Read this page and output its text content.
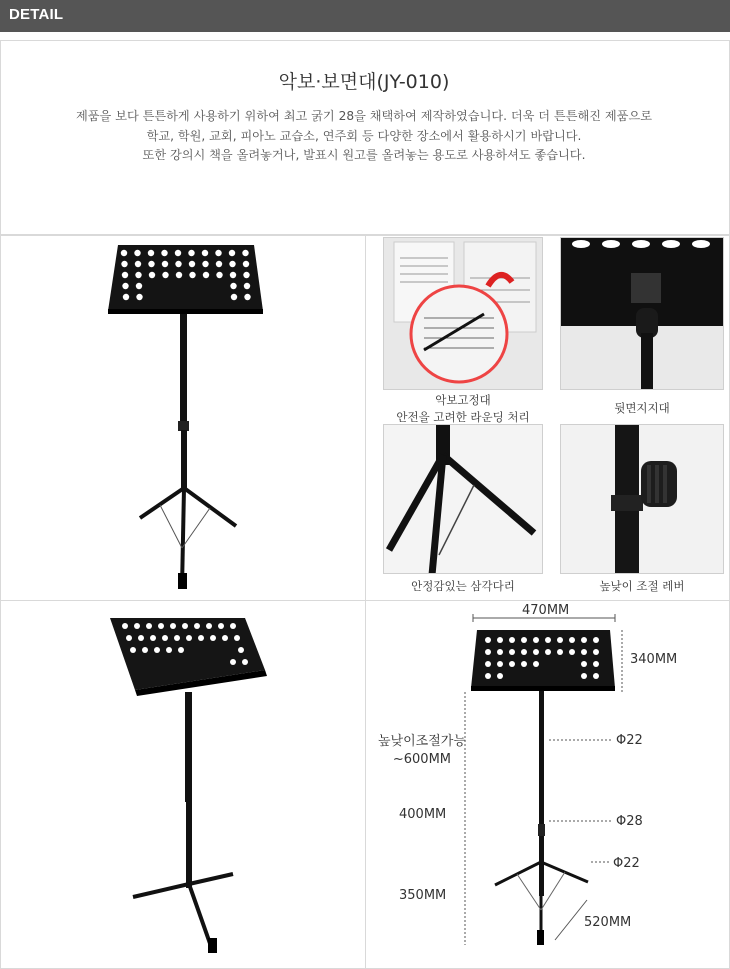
DETAIL
악보·보면대(JY-010)
제품을 보다 튼튼하게 사용하기 위하여 최고 굵기 28을 채택하여 제작하였습니다. 더욱 더 튼튼해진 제품으로
학교, 학원, 교회, 피아노 교습소, 연주회 등 다양한 장소에서 활용하시기 바랍니다.
또한 강의시 책을 올려놓거나, 발표시 원고를 올려놓는 용도로 사용하셔도 좋습니다.
악보고정대
안전을 고려한 라운딩 처리
뒷면지지대
안정감있는 삼각다리	높낮이 조절 레버
470MM
340MM
높낮이조절가능
~600MM
400MM
350MM
Φ22
Φ28
Φ22
520MM
